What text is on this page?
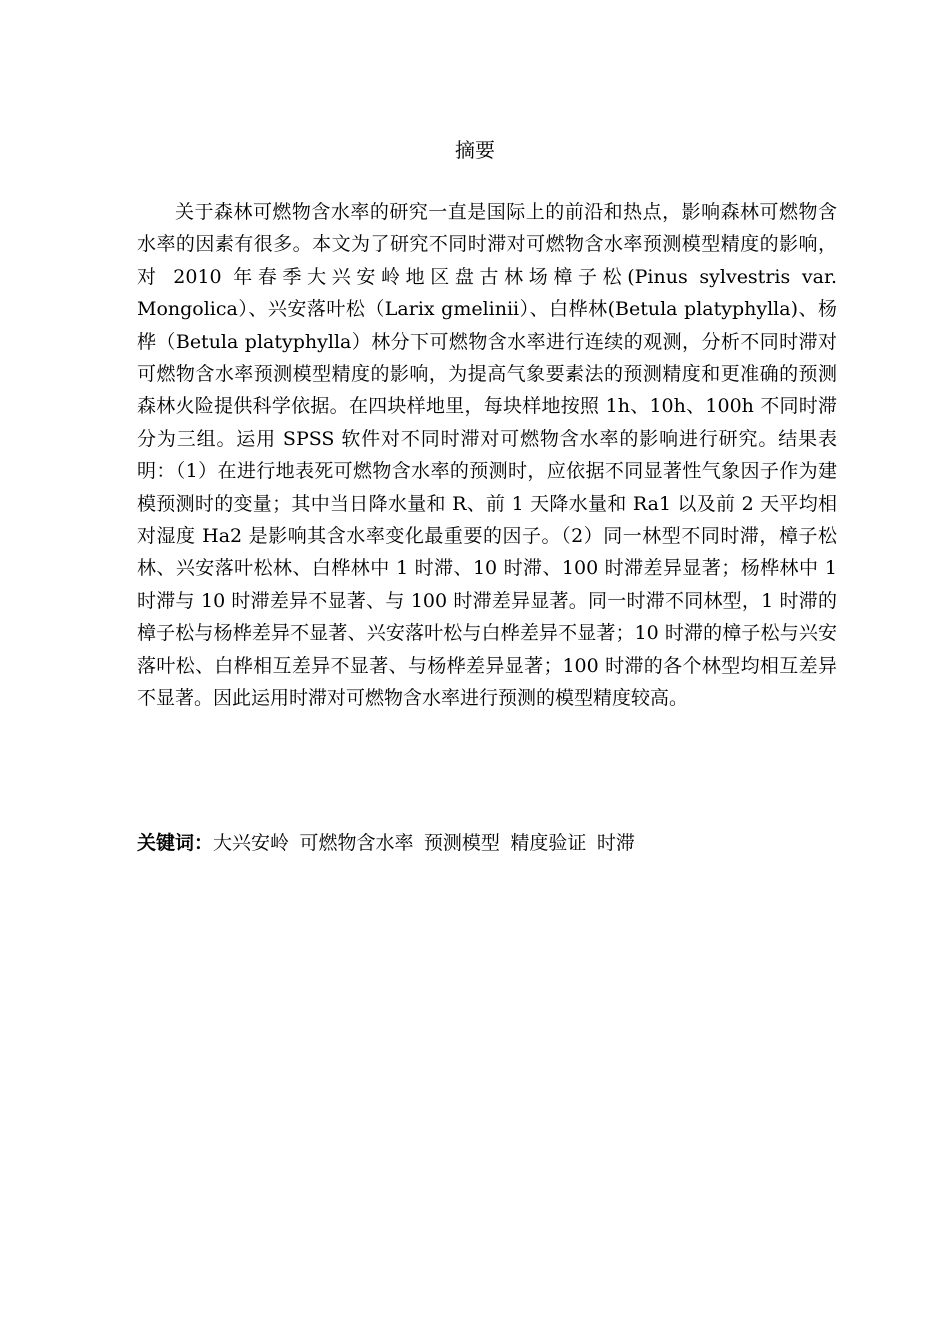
摘要

关于森林可燃物含水率的研究一直是国际上的前沿和热点，影响森林可燃物含水率的因素有很多。本文为了研究不同时滞对可燃物含水率预测模型精度的影响，对 2010 年春季大兴安岭地区盘古林场樟子松(Pinus sylvestris var. Mongolica）、兴安落叶松（Larix gmelinii）、白桦林(Betula platyphylla)、杨桦（Betula platyphylla）林分下可燃物含水率进行连续的观测，分析不同时滞对可燃物含水率预测模型精度的影响，为提高气象要素法的预测精度和更准确的预测森林火险提供科学依据。在四块样地里，每块样地按照 1h、10h、100h 不同时滞分为三组。运用 SPSS 软件对不同时滞对可燃物含水率的影响进行研究。结果表明：（1）在进行地表死可燃物含水率的预测时，应依据不同显著性气象因子作为建模预测时的变量；其中当日降水量和 R、前 1 天降水量和 Ra1 以及前 2 天平均相对湿度 Ha2 是影响其含水率变化最重要的因子。（2）同一林型不同时滞，樟子松林、兴安落叶松林、白桦林中 1 时滞、10 时滞、100 时滞差异显著；杨桦林中 1 时滞与 10 时滞差异不显著、与 100 时滞差异显著。同一时滞不同林型，1 时滞的樟子松与杨桦差异不显著、兴安落叶松与白桦差异不显著；10 时滞的樟子松与兴安落叶松、白桦相互差异不显著、与杨桦差异显著；100 时滞的各个林型均相互差异不显著。因此运用时滞对可燃物含水率进行预测的模型精度较高。

关键词：大兴安岭 可燃物含水率 预测模型 精度验证 时滞
